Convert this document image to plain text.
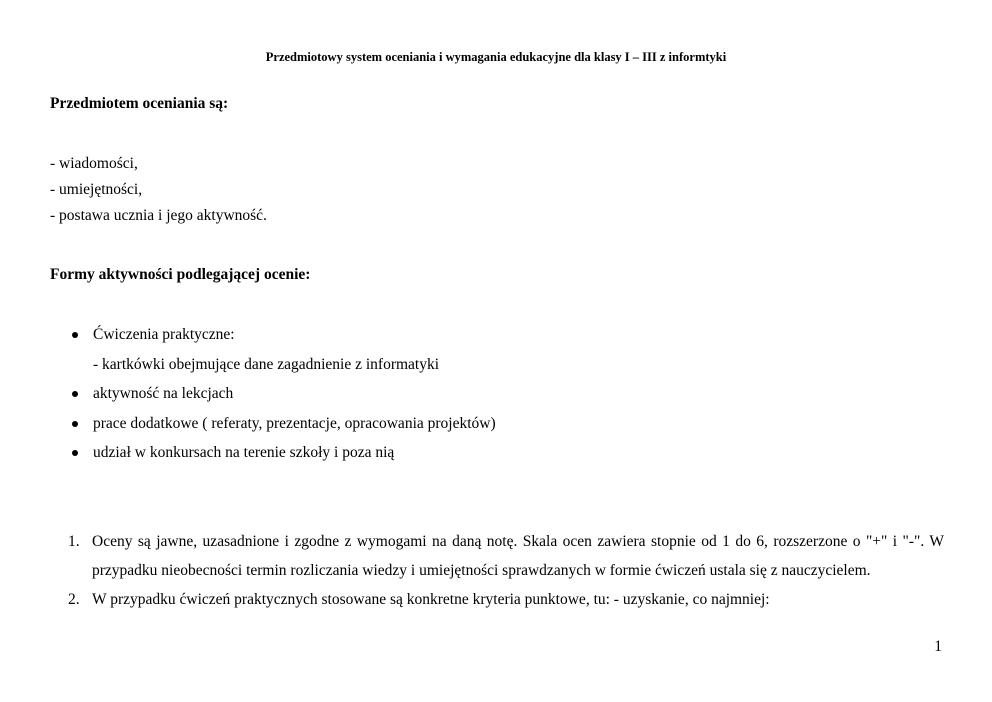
Przedmiotowy system oceniania i wymagania edukacyjne dla klasy I – III z informtyki
Przedmiotem oceniania są:
- wiadomości,
- umiejętności,
- postawa ucznia i jego aktywność.
Formy aktywności podlegającej ocenie:
Ćwiczenia praktyczne:
- kartkówki obejmujące dane zagadnienie z informatyki
aktywność na lekcjach
prace dodatkowe ( referaty, prezentacje, opracowania projektów)
udział w konkursach na terenie szkoły i poza nią
1. Oceny są jawne, uzasadnione i zgodne z wymogami na daną notę. Skala ocen zawiera stopnie od 1 do 6, rozszerzone o "+" i "-". W przypadku nieobecności termin rozliczania wiedzy i umiejętności sprawdzanych w formie ćwiczeń ustala się z nauczycielem.
2. W przypadku ćwiczeń praktycznych stosowane są konkretne kryteria punktowe, tu: - uzyskanie, co najmniej:
1
